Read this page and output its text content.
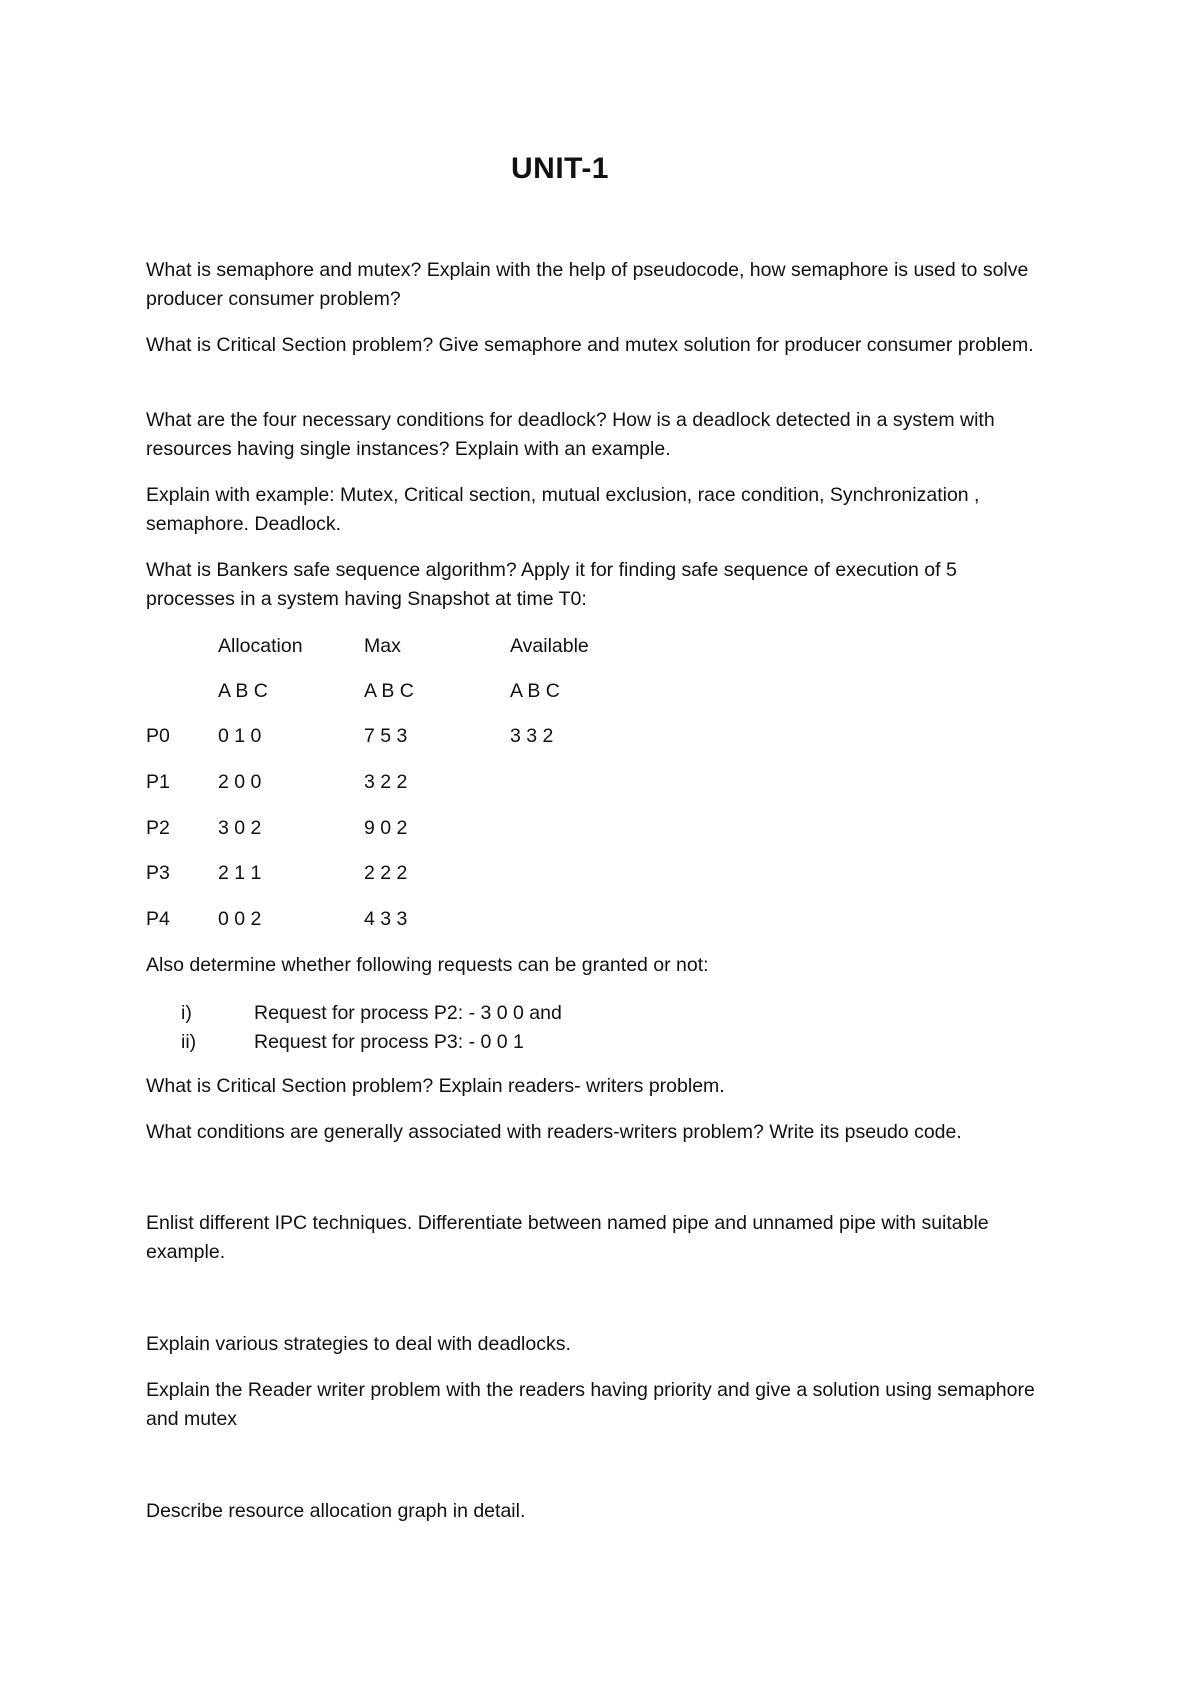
UNIT-1

What is semaphore and mutex? Explain with the help of pseudocode, how semaphore is used to solve producer consumer problem?

What is Critical Section problem? Give semaphore and mutex solution for producer consumer problem.

What are the four necessary conditions for deadlock? How is a deadlock detected in a system with resources having single instances? Explain with an example.

Explain with example: Mutex, Critical section, mutual exclusion, race condition, Synchronization , semaphore. Deadlock.

What is Bankers safe sequence algorithm? Apply it for finding safe sequence of execution of 5 processes in a system having Snapshot at time T0:

Allocation	Max	Available
A B C	A B C	A B C
P0 0 1 0	7 5 3	3 3 2
P1 2 0 0	3 2 2
P2 3 0 2	9 0 2
P3 2 1 1	2 2 2
P4 0 0 2	4 3 3

Also determine whether following requests can be granted or not:

i)	Request for process P2: - 3 0 0 and
ii)	Request for process P3: - 0 0 1

What is Critical Section problem? Explain readers- writers problem.

What conditions are generally associated with readers-writers problem? Write its pseudo code.

Enlist different IPC techniques. Differentiate between named pipe and unnamed pipe with suitable example.

Explain various strategies to deal with deadlocks.

Explain the Reader writer problem with the readers having priority and give a solution using semaphore and mutex

Describe resource allocation graph in detail.
